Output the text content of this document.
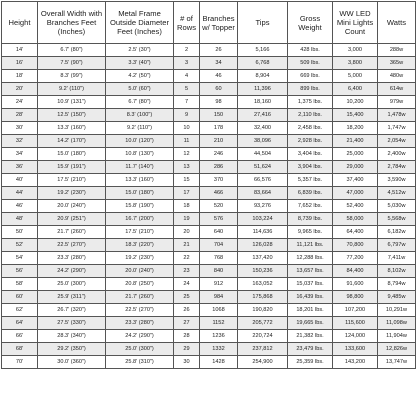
Height	Overall Width with Branches Feet (Inches)	Metal Frame Outside Diameter Feet (Inches)	# of Rows	Branches w/ Topper	Tips	Gross Weight	WW LED Mini Lights Count	Watts
14'	6.7' (80")	2.5' (30")	2	26	5,166	428 lbs.	3,000	288w
16'	7.5' (90")	3.3' (40")	3	34	6,768	509 lbs.	3,800	365w
18'	8.3' (99")	4.2' (50")	4	46	8,904	669 lbs.	5,000	480w
20'	9.2' (110")	5.0' (60")	5	60	11,396	899 lbs.	6,400	614w
24'	10.9' (131")	6.7' (80")	7	98	18,160	1,375 lbs.	10,200	979w
28'	12.5' (150")	8.3' (100")	9	150	27,416	2,110 lbs.	15,400	1,478w
30'	13.3' (160")	9.2' (110")	10	178	32,400	2,458 lbs.	18,200	1,747w
32'	14.2' (170")	10.0' (120")	11	210	38,096	2,928 lbs.	21,400	2,054w
34'	15.0' (180")	10.8' (130")	12	246	44,504	3,404 lbs.	25,000	2,400w
36'	15.9' (191")	11.7' (140")	13	286	51,624	3,904 lbs.	29,000	2,784w
40'	17.5' (210")	13.3' (160")	15	370	66,576	5,357 lbs.	37,400	3,590w
44'	19.2' (230")	15.0' (180")	17	466	83,664	6,839 lbs.	47,000	4,512w
46'	20.0' (240")	15.8' (190")	18	520	93,276	7,652 lbs.	52,400	5,030w
48'	20.9' (251")	16.7' (200")	19	576	103,224	8,739 lbs.	58,000	5,568w
50'	21.7' (260")	17.5' (210")	20	640	114,636	9,965 lbs.	64,400	6,182w
52'	22.5' (270")	18.3' (220")	21	704	126,028	11,121 lbs.	70,800	6,797w
54'	23.3' (280")	19.2' (230")	22	768	137,420	12,288 lbs.	77,200	7,411w
56'	24.2' (290")	20.0' (240")	23	840	150,236	13,657 lbs.	84,400	8,102w
58'	25.0' (300")	20.8' (250")	24	912	163,052	15,037 lbs.	91,600	8,794w
60'	25.9' (311")	21.7' (260")	25	984	175,868	16,439 lbs.	98,800	9,485w
62'	26.7' (320")	22.5' (270")	26	1068	190,820	18,201 lbs.	107,200	10,291w
64'	27.5' (330")	23.3' (280")	27	1152	205,772	19,665 lbs.	115,600	11,098w
66'	28.3' (340")	24.2' (290")	28	1236	220,724	21,382 lbs.	124,000	11,904w
68'	29.2' (350")	25.0' (300")	29	1332	237,812	23,479 lbs.	133,600	12,826w
70'	30.0' (360")	25.8' (310")	30	1428	254,900	25,359 lbs.	143,200	13,747w
